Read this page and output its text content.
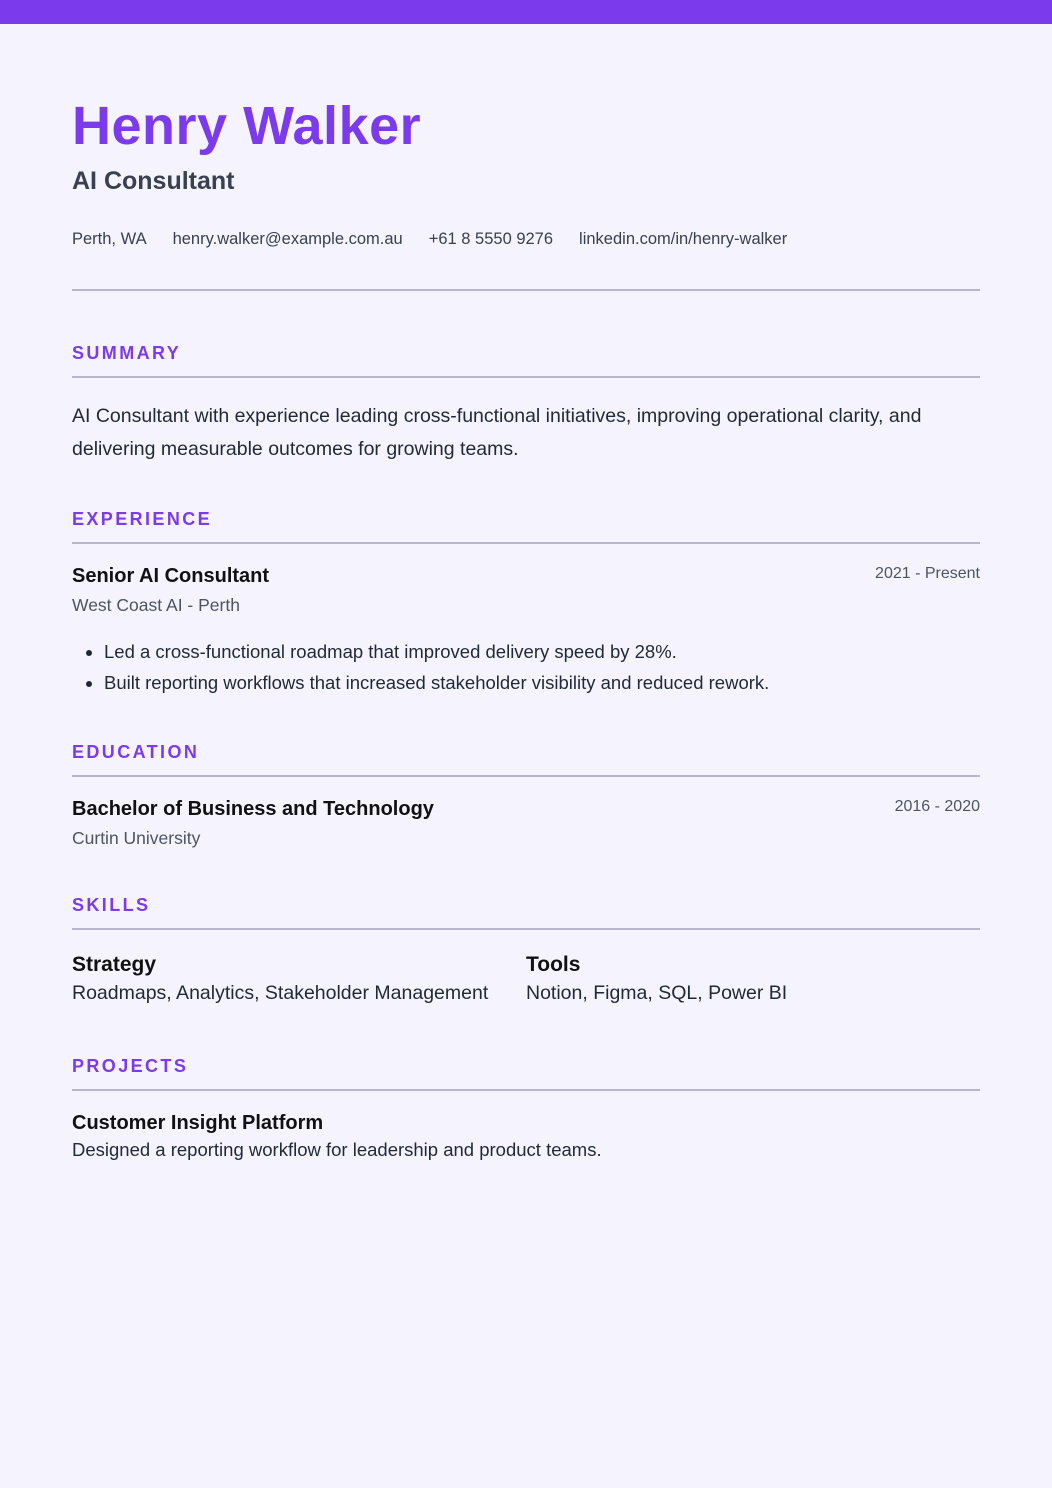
Henry Walker
AI Consultant
Perth, WA henry.walker@example.com.au +61 8 5550 9276 linkedin.com/in/henry-walker
SUMMARY
AI Consultant with experience leading cross-functional initiatives, improving operational clarity, and delivering measurable outcomes for growing teams.
EXPERIENCE
Senior AI Consultant	2021 - Present
West Coast AI - Perth
• Led a cross-functional roadmap that improved delivery speed by 28%.
• Built reporting workflows that increased stakeholder visibility and reduced rework.
EDUCATION
Bachelor of Business and Technology	2016 - 2020
Curtin University
SKILLS
Strategy
Roadmaps, Analytics, Stakeholder Management
Tools
Notion, Figma, SQL, Power BI
PROJECTS
Customer Insight Platform
Designed a reporting workflow for leadership and product teams.
